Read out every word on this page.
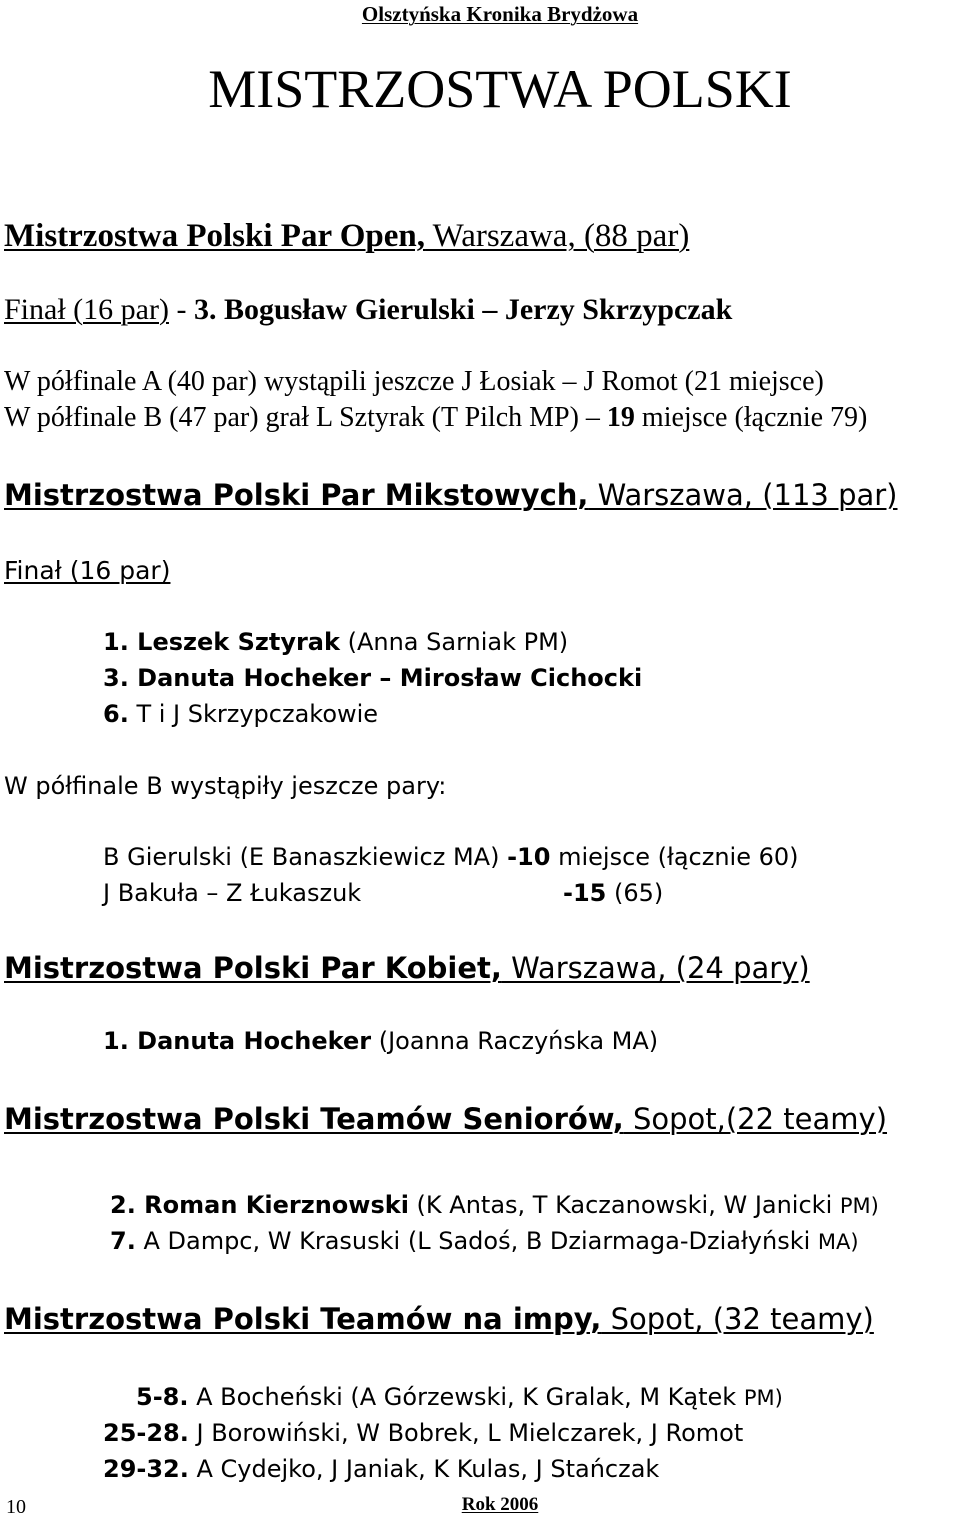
Olsztyńska Kronika Brydżowa
MISTRZOSTWA POLSKI
Mistrzostwa Polski Par Open, Warszawa, (88 par)
Finał (16 par) - 3. Bogusław Gierulski – Jerzy Skrzypczak
W półfinale A (40 par) wystąpili jeszcze J Łosiak – J Romot (21 miejsce)
W półfinale B (47 par) grał L Sztyrak (T Pilch MP) – 19 miejsce (łącznie 79)
Mistrzostwa Polski Par Mikstowych, Warszawa, (113 par)
Finał (16 par)
1. Leszek Sztyrak (Anna Sarniak PM)
3. Danuta Hocheker – Mirosław Cichocki
6. T i J Skrzypczakowie
W półfinale B wystąpiły jeszcze pary:
B Gierulski (E Banaszkiewicz MA) -10 miejsce (łącznie 60)
J Bakuła – Z Łukaszuk	-15 (65)
Mistrzostwa Polski Par Kobiet, Warszawa, (24 pary)
1. Danuta Hocheker (Joanna Raczyńska MA)
Mistrzostwa Polski Teamów Seniorów, Sopot,(22 teamy)
2. Roman Kierznowski (K Antas, T Kaczanowski, W Janicki PM)
7. A Dampc, W Krasuski (L Sadoś, B Dziarmaga-Działyński MA)
Mistrzostwa Polski Teamów na impy, Sopot, (32 teamy)
5-8. A Bocheński (A Górzewski, K Gralak, M Kątek PM)
25-28. J Borowiński, W Bobrek, L Mielczarek, J Romot
29-32. A Cydejko, J Janiak, K Kulas, J Stańczak
10	Rok 2006
